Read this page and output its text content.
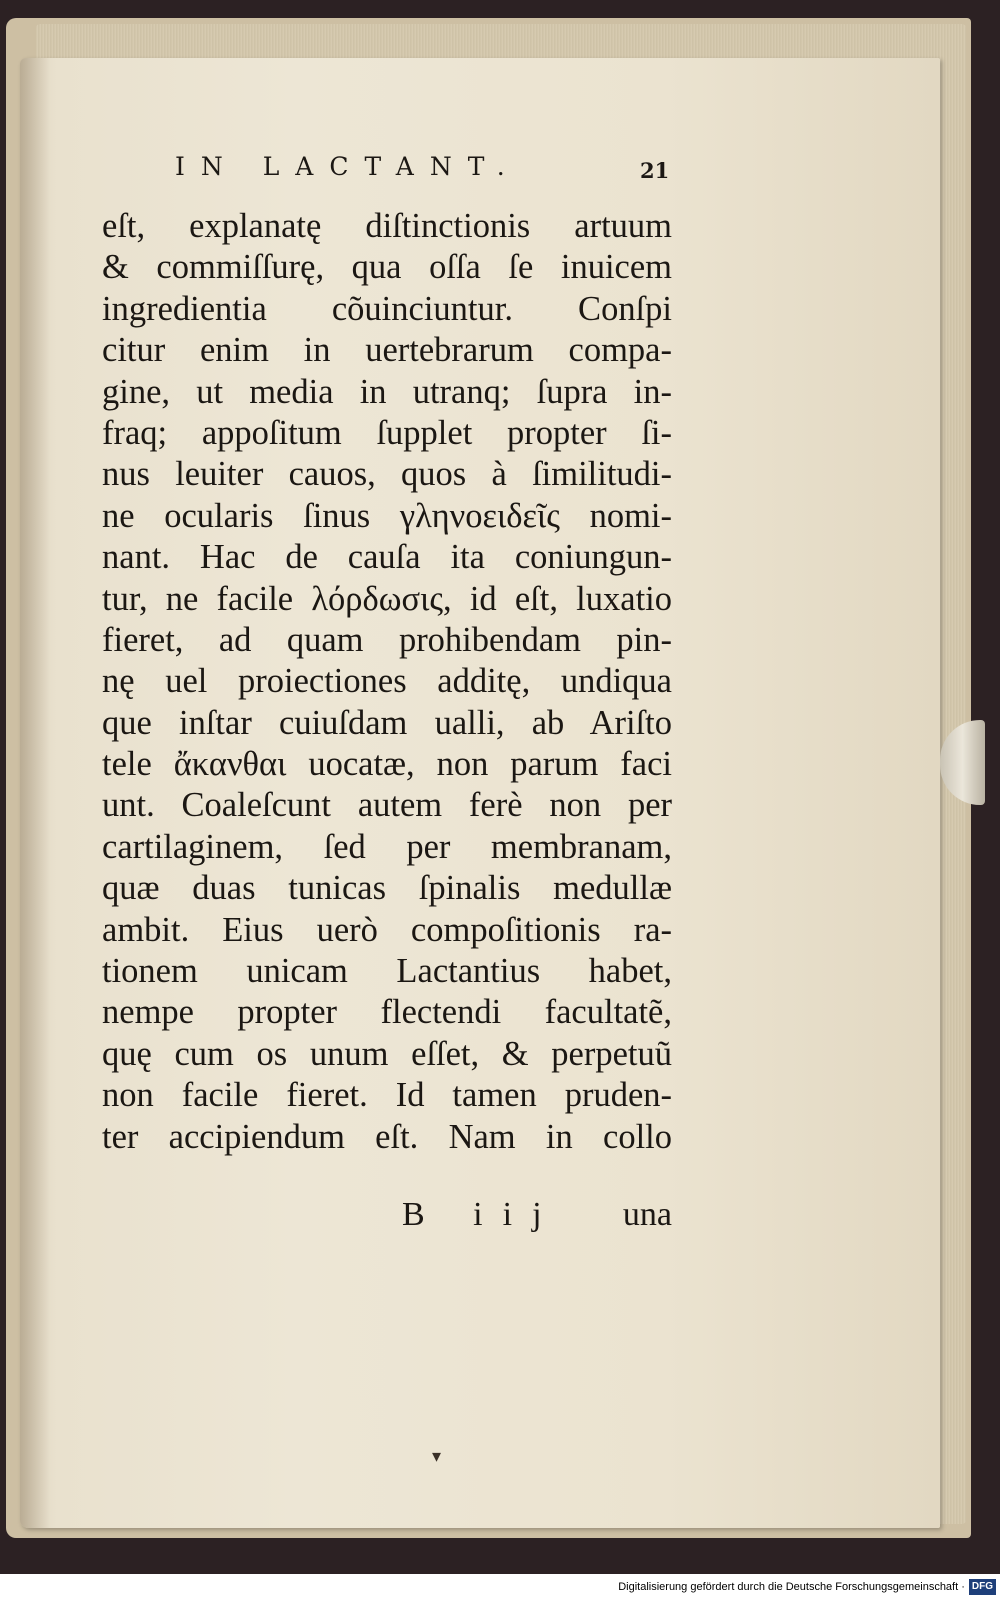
IN LACTANT.	21
eſt, explanatę diſtinctionis artuum
& commiſſurę, qua oſſa ſe inuicem
ingredientia cõuinciuntur. Conſpi
citur enim in uertebrarum compa-
gine, ut media in utranq; ſupra in-
fraq; appoſitum ſupplet propter ſi-
nus leuiter cauos, quos à ſimilitudi-
ne ocularis ſinus γληνοειδεῖς nomi-
nant. Hac de cauſa ita coniungun-
tur, ne facile λόρδωσις, id eſt, luxatio
fieret, ad quam prohibendam pin-
nę uel proiectiones additę, undiqua
que inſtar cuiuſdam ualli, ab Ariſto
tele ἄκανθαι uocatæ, non parum faci
unt. Coaleſcunt autem ferè non per
cartilaginem, ſed per membranam,
quæ duas tunicas ſpinalis medullæ
ambit. Eius uerò compoſitionis ra-
tionem unicam Lactantius habet,
nempe propter flectendi facultatẽ,
quę cum os unum eſſet, & perpetuũ
non facile fieret. Id tamen pruden-
ter accipiendum eſt. Nam in collo
B iij una
▾
Digitalisierung gefördert durch die Deutsche Forschungsgemeinschaft · DFG
